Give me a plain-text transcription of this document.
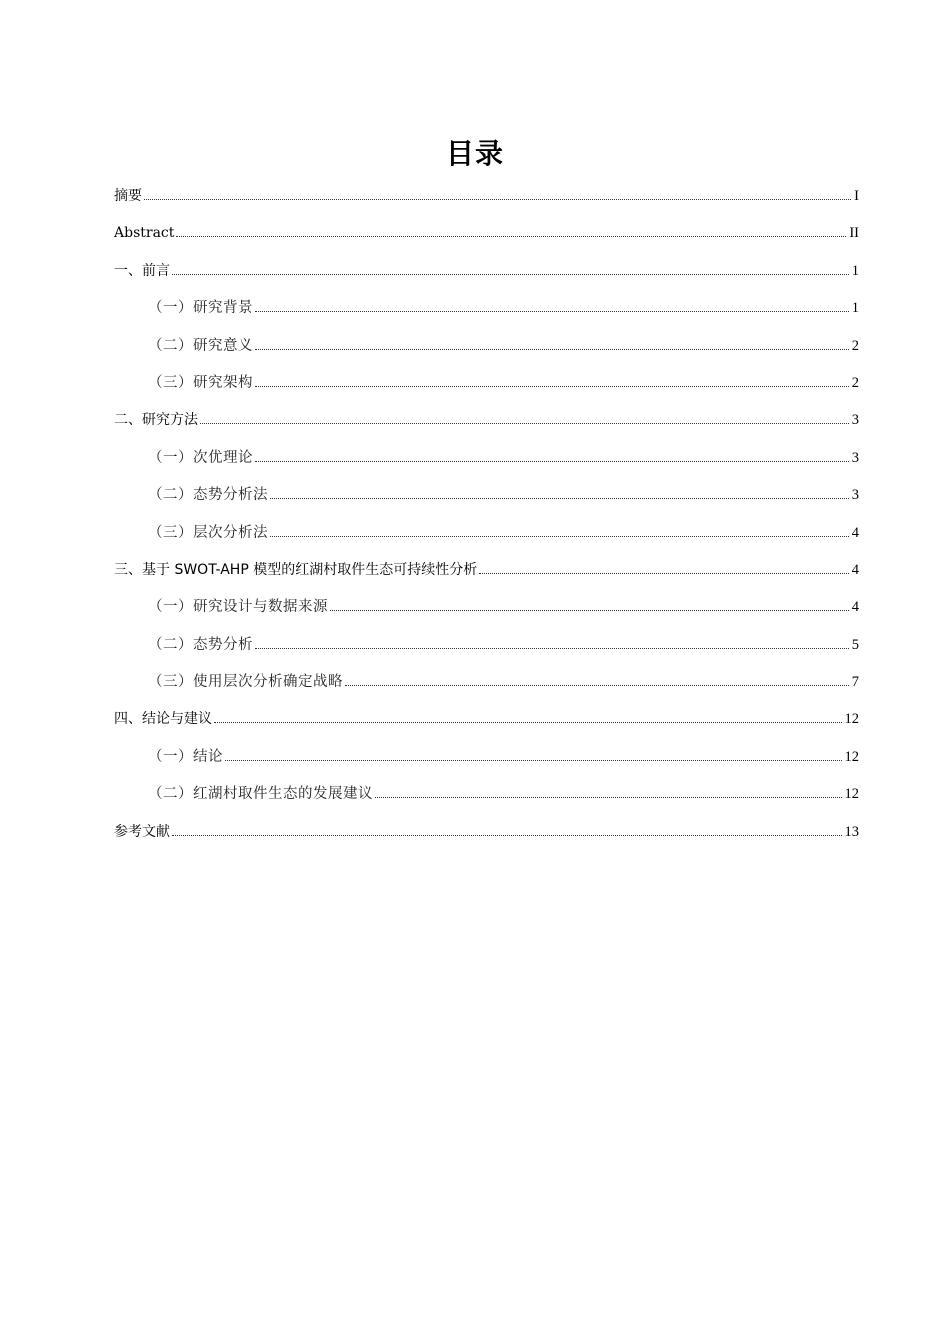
目录
摘要	I
Abstract	II
一、前言	1
（一）研究背景	1
（二）研究意义	2
（三）研究架构	2
二、研究方法	3
（一）次优理论	3
（二）态势分析法	3
（三）层次分析法	4
三、基于 SWOT-AHP 模型的红湖村取件生态可持续性分析	4
（一）研究设计与数据来源	4
（二）态势分析	5
（三）使用层次分析确定战略	7
四、结论与建议	12
（一）结论	12
（二）红湖村取件生态的发展建议	12
参考文献	13
